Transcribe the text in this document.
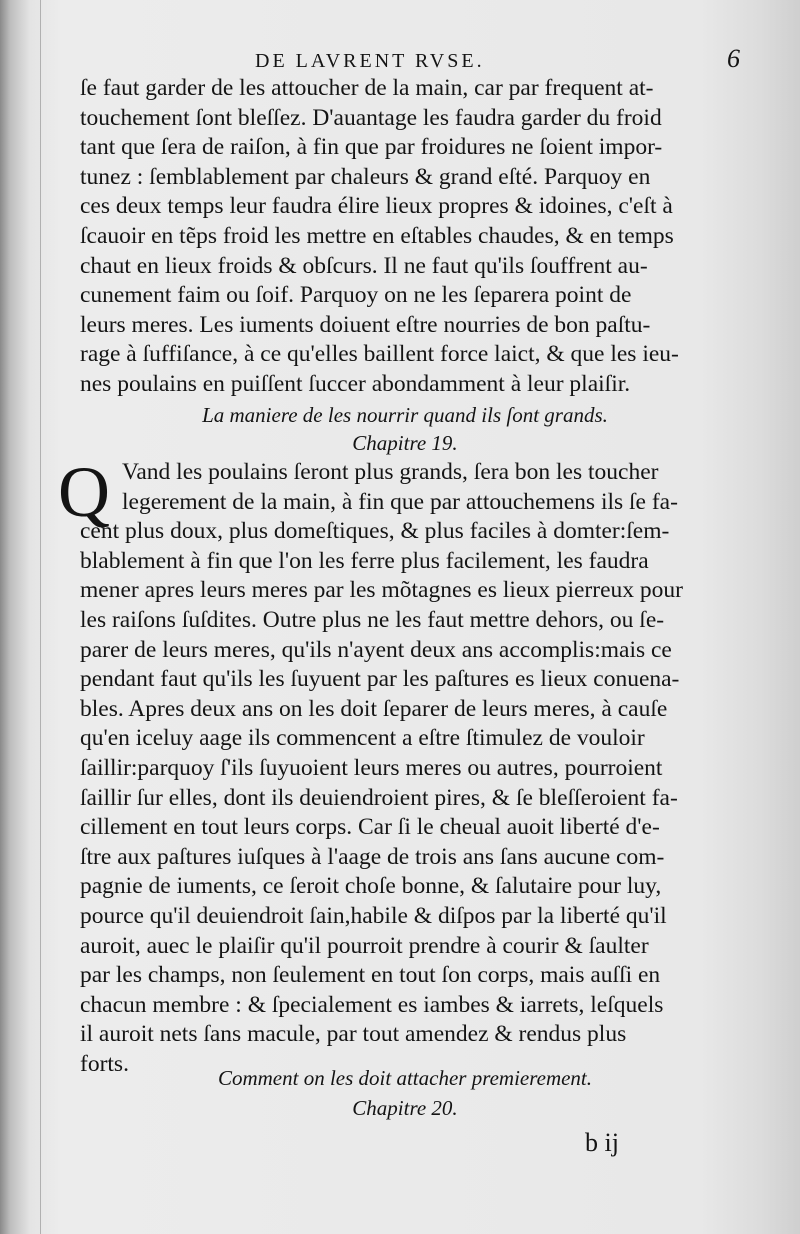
DE LAVRENT RVSE.	6
ſe faut garder de les attoucher de la main, car par frequent at-
touchement ſont bleſſez. D'auantage les faudra garder du froid
tant que ſera de raiſon, à fin que par froidures ne ſoient impor-
tunez : ſemblablement par chaleurs & grand eſté. Parquoy en
ces deux temps leur faudra élire lieux propres & idoines, c'eſt à
ſcauoir en tẽps froid les mettre en eſtables chaudes, & en temps
chaut en lieux froids & obſcurs. Il ne faut qu'ils ſouffrent au-
cunement faim ou ſoif. Parquoy on ne les ſeparera point de
leurs meres. Les iuments doiuent eſtre nourries de bon paſtu-
rage à ſuffiſance, à ce qu'elles baillent force laict, & que les ieu-
nes poulains en puiſſent ſuccer abondamment à leur plaiſir.
La maniere de les nourrir quand ils ſont grands.
Chapitre 19.
Q Vand les poulains ſeront plus grands, ſera bon les toucher
legerement de la main, à fin que par attouchemens ils ſe fa-
cent plus doux, plus domeſtiques, & plus faciles à domter:ſem-
blablement à fin que l'on les ferre plus facilement, les faudra
mener apres leurs meres par les mõtagnes es lieux pierreux pour
les raiſons ſuſdites. Outre plus ne les faut mettre dehors, ou ſe-
parer de leurs meres, qu'ils n'ayent deux ans accomplis:mais ce
pendant faut qu'ils les ſuyuent par les paſtures es lieux conuena-
bles. Apres deux ans on les doit ſeparer de leurs meres, à cauſe
qu'en iceluy aage ils commencent a eſtre ſtimulez de vouloir
ſaillir:parquoy ſ'ils ſuyuoient leurs meres ou autres, pourroient
ſaillir ſur elles, dont ils deuiendroient pires, & ſe bleſſeroient fa-
cillement en tout leurs corps. Car ſi le cheual auoit liberté d'e-
ſtre aux paſtures iuſques à l'aage de trois ans ſans aucune com-
pagnie de iuments, ce ſeroit choſe bonne, & ſalutaire pour luy,
pource qu'il deuiendroit ſain,habile & diſpos par la liberté qu'il
auroit, auec le plaiſir qu'il pourroit prendre à courir & ſaulter
par les champs, non ſeulement en tout ſon corps, mais auſſi en
chacun membre : & ſpecialement es iambes & iarrets, leſquels
il auroit nets ſans macule, par tout amendez & rendus plus
forts.
Comment on les doit attacher premierement.
Chapitre 20.
b ij
